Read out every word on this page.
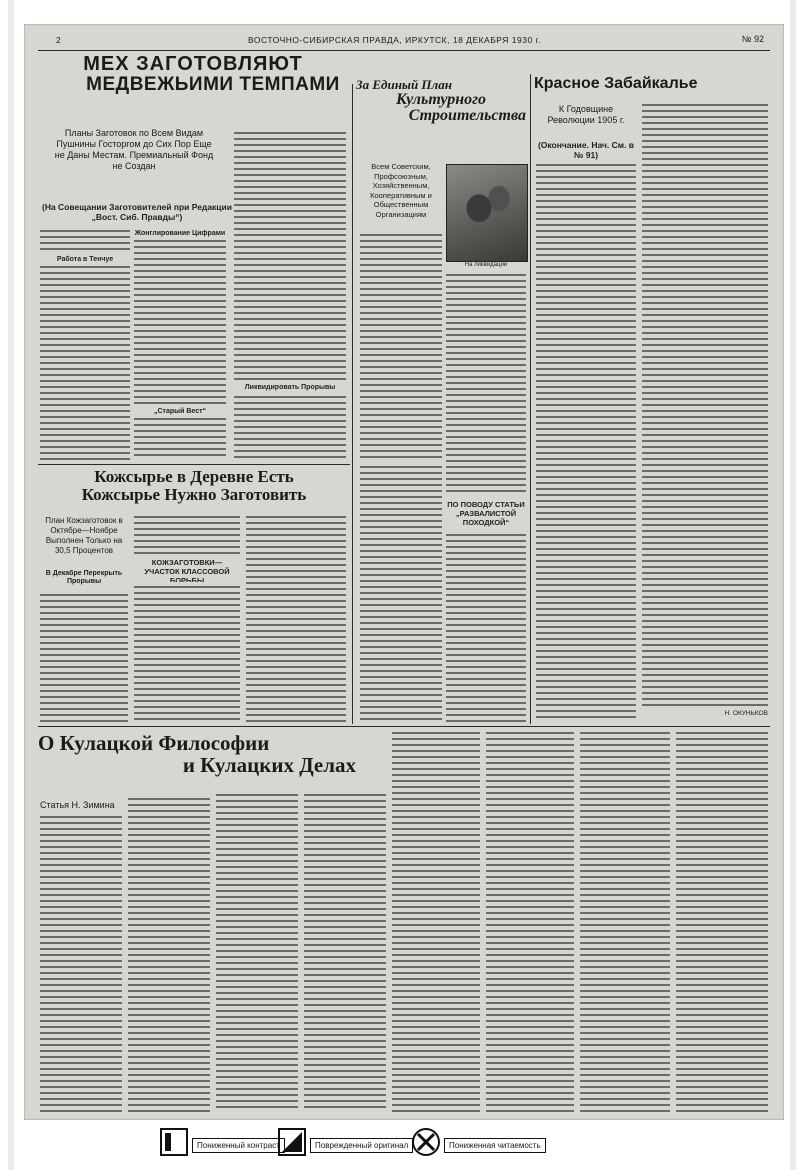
2	ВОСТОЧНО-СИБИРСКАЯ ПРАВДА, ИРКУТСК, 18 ДЕКАБРЯ 1930 г.	№ 92
МЕХ ЗАГОТОВЛЯЮТ
МЕДВЕЖЬИМИ ТЕМПАМИ
Планы Заготовок по Всем Видам Пушнины Госторгом до Сих Пор Еще не Даны Местам. Премиальный Фонд не Создан
(На Совещании Заготовителей при Редакции „Вост. Сиб. Правды“)
Работа в Тенчуе
Жонглирование Цифрами
„Старый Вест“
Ликвидировать Прорывы
Кожсырье в Деревне Есть
Кожсырье Нужно Заготовить
План Кожзаготовок в Октябре—Ноябре Выполнен Только на 30,5 Процентов
В Декабре Перекрыть Прорывы
КОЖЗАГОТОВКИ— УЧАСТОК КЛАССОВОЙ БОРЬБЫ
За Единый План
Культурного
Строительства
Всем Советским, Профсоюзным, Хозяйственным, Кооперативным и Общественным Организациям
На ликвидации
ПО ПОВОДУ СТАТЬИ „РАЗВАЛИСТОЙ ПОХОДКОЙ“
Красное Забайкалье
К Годовщине Революции 1905 г.
(Окончание. Нач. См. в № 91)
Н. ОКУНЬКОВ
О Кулацкой Философии
и Кулацких Делах
Статья Н. Зимина
Пониженный контраст	Поврежденный оригинал	Пониженная читаемость
